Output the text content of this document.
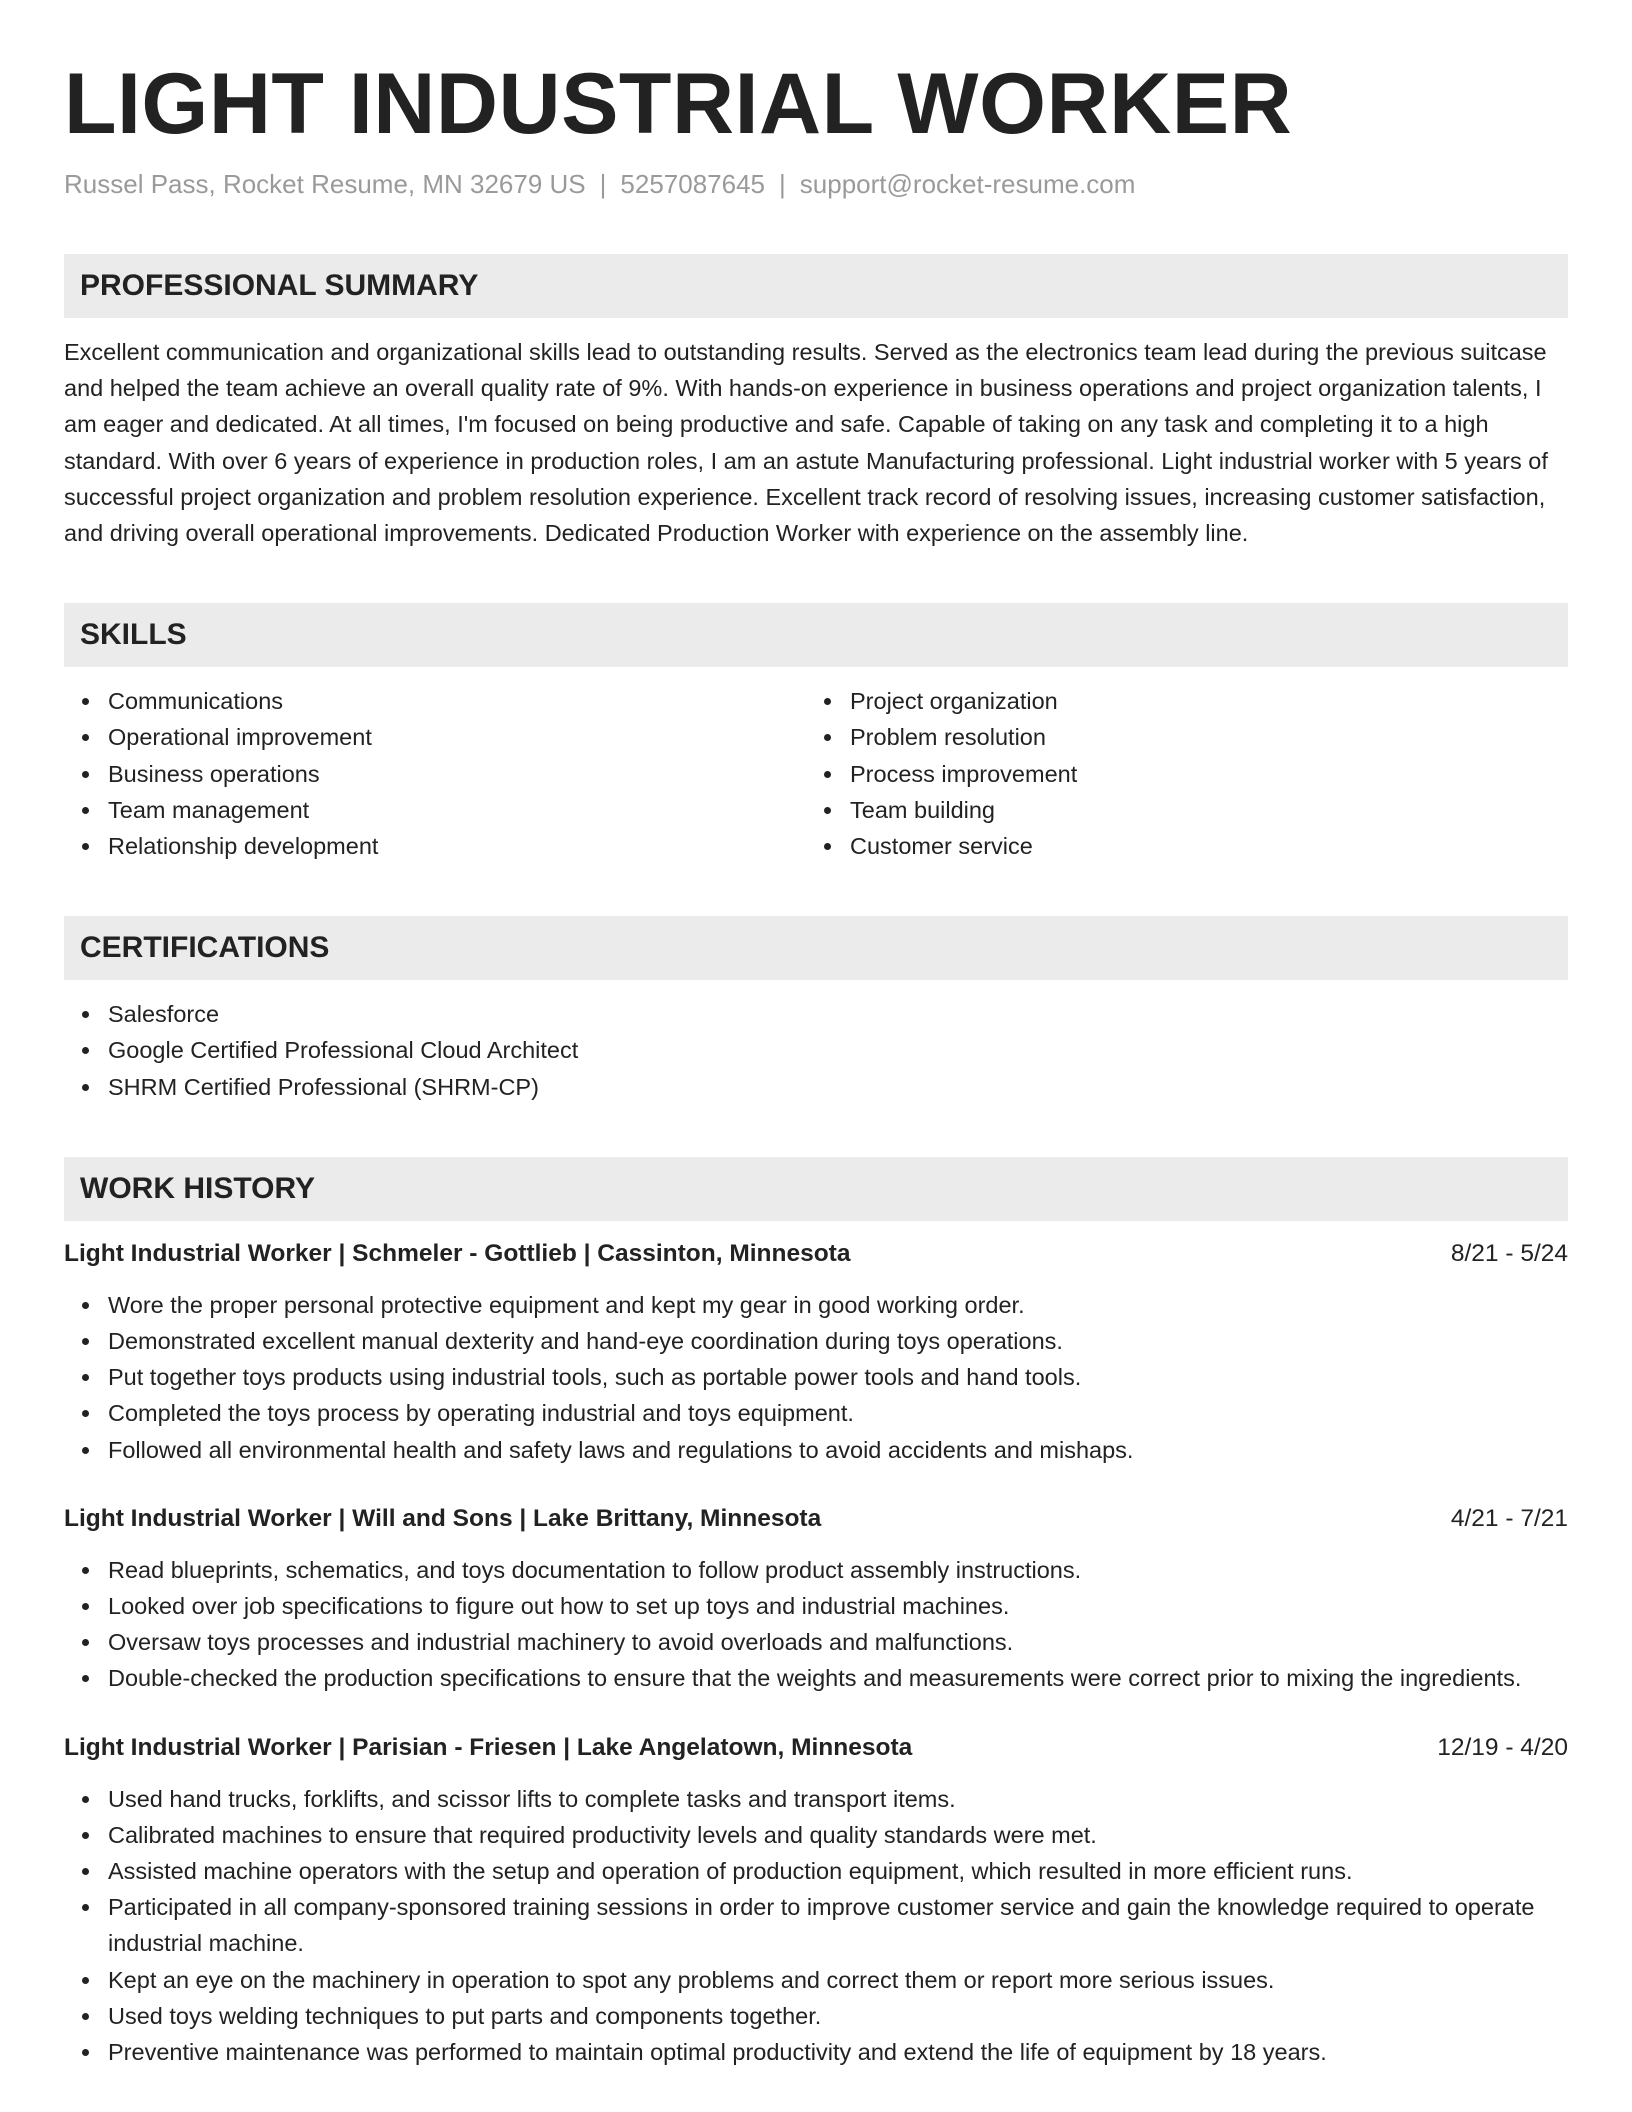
LIGHT INDUSTRIAL WORKER
Russel Pass, Rocket Resume, MN 32679 US | 5257087645 | support@rocket-resume.com
PROFESSIONAL SUMMARY
Excellent communication and organizational skills lead to outstanding results. Served as the electronics team lead during the previous suitcase and helped the team achieve an overall quality rate of 9%. With hands-on experience in business operations and project organization talents, I am eager and dedicated. At all times, I'm focused on being productive and safe. Capable of taking on any task and completing it to a high standard. With over 6 years of experience in production roles, I am an astute Manufacturing professional. Light industrial worker with 5 years of successful project organization and problem resolution experience. Excellent track record of resolving issues, increasing customer satisfaction, and driving overall operational improvements. Dedicated Production Worker with experience on the assembly line.
SKILLS
Communications
Operational improvement
Business operations
Team management
Relationship development
Project organization
Problem resolution
Process improvement
Team building
Customer service
CERTIFICATIONS
Salesforce
Google Certified Professional Cloud Architect
SHRM Certified Professional (SHRM-CP)
WORK HISTORY
Light Industrial Worker | Schmeler - Gottlieb | Cassinton, Minnesota	8/21 - 5/24
Wore the proper personal protective equipment and kept my gear in good working order.
Demonstrated excellent manual dexterity and hand-eye coordination during toys operations.
Put together toys products using industrial tools, such as portable power tools and hand tools.
Completed the toys process by operating industrial and toys equipment.
Followed all environmental health and safety laws and regulations to avoid accidents and mishaps.
Light Industrial Worker | Will and Sons | Lake Brittany, Minnesota	4/21 - 7/21
Read blueprints, schematics, and toys documentation to follow product assembly instructions.
Looked over job specifications to figure out how to set up toys and industrial machines.
Oversaw toys processes and industrial machinery to avoid overloads and malfunctions.
Double-checked the production specifications to ensure that the weights and measurements were correct prior to mixing the ingredients.
Light Industrial Worker | Parisian - Friesen | Lake Angelatown, Minnesota	12/19 - 4/20
Used hand trucks, forklifts, and scissor lifts to complete tasks and transport items.
Calibrated machines to ensure that required productivity levels and quality standards were met.
Assisted machine operators with the setup and operation of production equipment, which resulted in more efficient runs.
Participated in all company-sponsored training sessions in order to improve customer service and gain the knowledge required to operate industrial machine.
Kept an eye on the machinery in operation to spot any problems and correct them or report more serious issues.
Used toys welding techniques to put parts and components together.
Preventive maintenance was performed to maintain optimal productivity and extend the life of equipment by 18 years.
